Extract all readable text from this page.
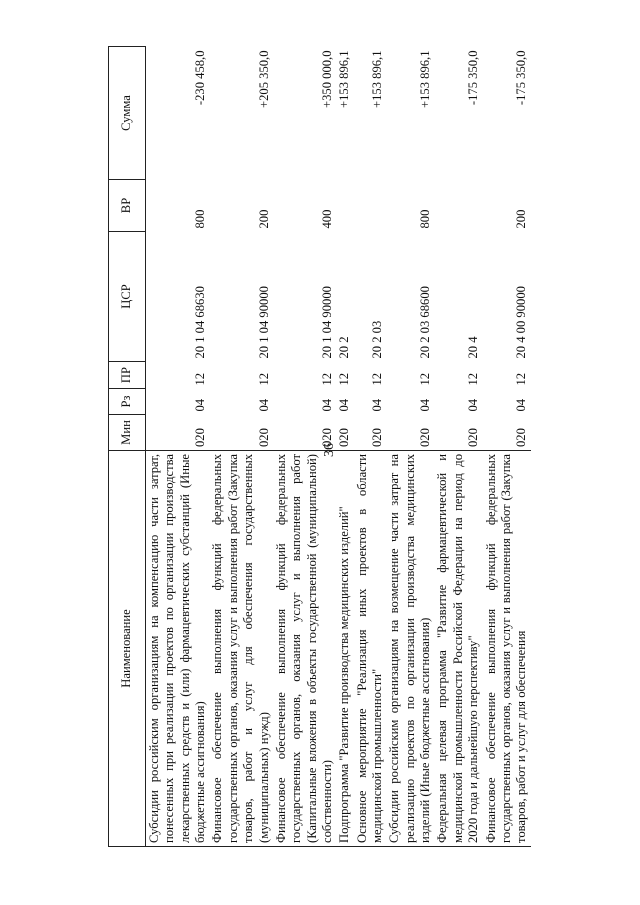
36
Наименование	Мин	Рз	ПР	ЦСР	ВР	Сумма
Субсидии российским организациям на компенсацию части затрат, понесенных при реализации проектов по организации производства лекарственных средств и (или) фармацевтических субстанций (Иные бюджетные ассигнования)	020	04	12	20 1 04 68630	800	-230 458,0
Финансовое обеспечение выполнения функций федеральных государственных органов, оказания услуг и выполнения работ (Закупка товаров, работ и услуг для обеспечения государственных (муниципальных) нужд)	020	04	12	20 1 04 90000	200	+205 350,0
Финансовое обеспечение выполнения функций федеральных государственных органов, оказания услуг и выполнения работ (Капитальные вложения в объекты государственной (муниципальной) собственности)	020	04	12	20 1 04 90000	400	+350 000,0
Подпрограмма "Развитие производства медицинских изделий"	020	04	12	20 2		+153 896,1
Основное мероприятие "Реализация иных проектов в области медицинской промышленности"	020	04	12	20 2 03		+153 896,1
Субсидии российским организациям на возмещение части затрат на реализацию проектов по организации производства медицинских изделий (Иные бюджетные ассигнования)	020	04	12	20 2 03 68600	800	+153 896,1
Федеральная целевая программа "Развитие фармацевтической и медицинской промышленности Российской Федерации на период до 2020 года и дальнейшую перспективу"	020	04	12	20 4		-175 350,0
Финансовое обеспечение выполнения функций федеральных государственных органов, оказания услуг и выполнения работ (Закупка товаров, работ и услуг для обеспечения	020	04	12	20 4 00 90000	200	-175 350,0
